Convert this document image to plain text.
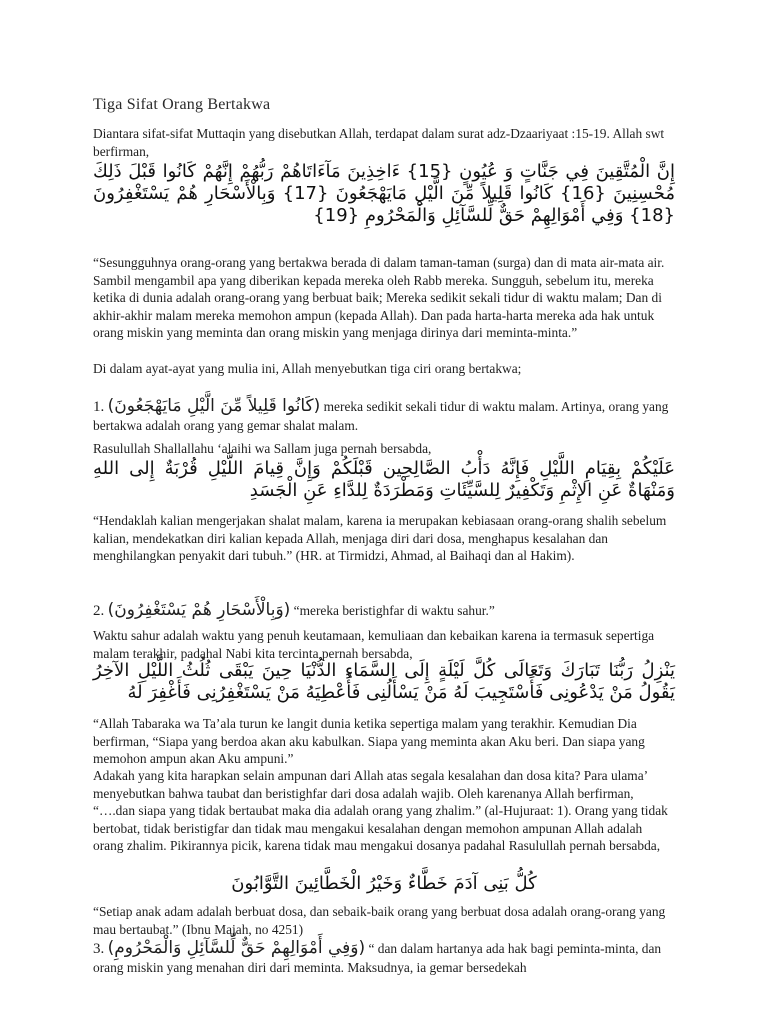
Tiga Sifat Orang Bertakwa

Diantara sifat-sifat Muttaqin yang disebutkan Allah, terdapat dalam surat adz-Dzaariyaat :15-19. Allah swt berfirman,

إِنَّ الْمُتَّقِينَ فِي جَنَّاتٍ وَ عُيُونٍ {15} ءَاخِذِينَ مَآءَاتَاهُمْ رَبُّهُمْ إِنَّهُمْ كَانُوا قَبْلَ ذَلِكَ مُحْسِنِينَ {16} كَانُوا قَلِيلاً مِّنَ الَّيْلِ مَايَهْجَعُونَ {17} وَبِالْأَسْحَارِ هُمْ يَسْتَغْفِرُونَ {18} وَفِي أَمْوَالِهِمْ حَقٌّ لِّلسَّآئِلِ وَالْمَحْرُومِ {19}

“Sesungguhnya orang-orang yang bertakwa berada di dalam taman-taman (surga) dan di mata air-mata air. Sambil mengambil apa yang diberikan kepada mereka oleh Rabb mereka. Sungguh, sebelum itu, mereka ketika di dunia adalah orang-orang yang berbuat baik; Mereka sedikit sekali tidur di waktu malam; Dan di akhir-akhir malam mereka memohon ampun (kepada Allah). Dan pada harta-harta mereka ada hak untuk orang miskin yang meminta dan orang miskin yang menjaga dirinya dari meminta-minta.”

Di dalam ayat-ayat yang mulia ini, Allah menyebutkan tiga ciri orang bertakwa;

1. (كَانُوا قَلِيلاً مِّنَ الَّيْلِ مَايَهْجَعُونَ) mereka sedikit sekali tidur di waktu malam. Artinya, orang yang bertakwa adalah orang yang gemar shalat malam.

Rasulullah Shallallahu ‘alaihi wa Sallam juga pernah bersabda,

عَلَيْكُمْ بِقِيَامِ اللَّيْلِ فَإِنَّهُ دَأْبُ الصَّالِحِين قَبْلَكُمْ وَإِنَّ قِيامَ اللَّيْلِ قُرْبَةٌ إِلى اللهِ وَمَنْهَاةٌ عَنِ الإِثْمِ وَتَكْفِيرٌ لِلسَّيِّئَاتِ وَمَطْرَدَةٌ لِلدَّاءِ عَنِ الْجَسَدِ

“Hendaklah kalian mengerjakan shalat malam, karena ia merupakan kebiasaan orang-orang shalih sebelum kalian, mendekatkan diri kalian kepada Allah, menjaga diri dari dosa, menghapus kesalahan dan menghilangkan penyakit dari tubuh.” (HR. at Tirmidzi, Ahmad, al Baihaqi dan al Hakim).

2. (وَبِالْأَسْحَارِ هُمْ يَسْتَغْفِرُونَ) “mereka beristighfar di waktu sahur.”

Waktu sahur adalah waktu yang penuh keutamaan, kemuliaan dan kebaikan karena ia termasuk sepertiga malam terakhir, padahal Nabi kita tercinta pernah bersabda,

يَنْزِلُ رَبُّنَا تَبَارَكَ وَتَعَالَى كُلَّ لَيْلَةٍ إِلَى السَّمَاءِ الدُّنْيَا حِينَ يَبْقَى ثُلُثُ اللَّيْلِ الآخِرُ يَقُولُ مَنْ يَدْعُونِى فَأَسْتَجِيبَ لَهُ مَنْ يَسْأَلُنِى فَأُعْطِيَهُ مَنْ يَسْتَغْفِرُنِى فَأَغْفِرَ لَهُ

“Allah Tabaraka wa Ta’ala turun ke langit dunia ketika sepertiga malam yang terakhir. Kemudian Dia berfirman, “Siapa yang berdoa akan aku kabulkan. Siapa yang meminta akan Aku beri. Dan siapa yang memohon ampun akan Aku ampuni.”

Adakah yang kita harapkan selain ampunan dari Allah atas segala kesalahan dan dosa kita? Para ulama’ menyebutkan bahwa taubat dan beristighfar dari dosa adalah wajib. Oleh karenanya Allah berfirman, “….dan siapa yang tidak bertaubat maka dia adalah orang yang zhalim.” (al-Hujuraat: 1). Orang yang tidak bertobat, tidak beristigfar dan tidak mau mengakui kesalahan dengan memohon ampunan Allah adalah orang zhalim. Pikirannya picik, karena tidak mau mengakui dosanya padahal Rasulullah pernah bersabda,

كُلُّ بَنِى آدَمَ خَطَّاءٌ وَخَيْرُ الْخَطَّائِينَ التَّوَّابُونَ

“Setiap anak adam adalah berbuat dosa, dan sebaik-baik orang yang berbuat dosa adalah orang-orang yang mau bertaubat.” (Ibnu Majah, no 4251)

3. (وَفِي أَمْوَالِهِمْ حَقٌّ لِّلسَّآئِلِ وَالْمَحْرُومِ) “ dan dalam hartanya ada hak bagi peminta-minta, dan orang miskin yang menahan diri dari meminta. Maksudnya, ia gemar bersedekah
